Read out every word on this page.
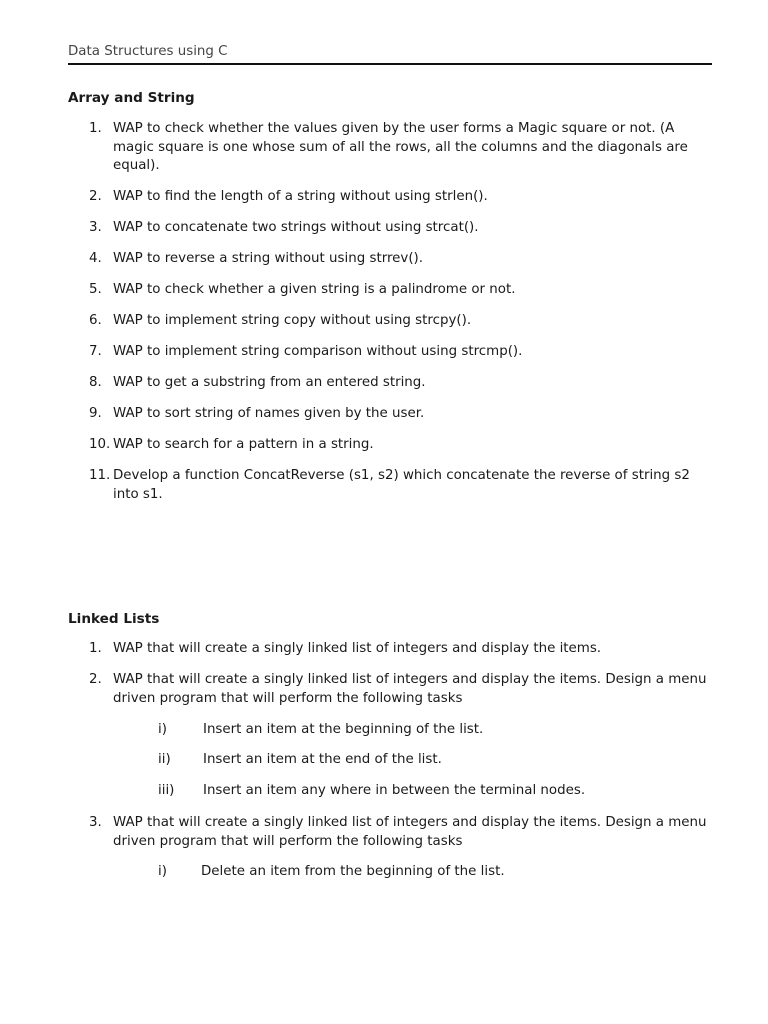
Data Structures using C
Array and String
1. WAP to check whether the values given by the user forms a Magic square or not. (A magic square is one whose sum of all the rows, all the columns and the diagonals are equal).
2. WAP to find the length of a string without using strlen().
3. WAP to concatenate two strings without using strcat().
4. WAP to reverse a string without using strrev().
5. WAP to check whether a given string is a palindrome or not.
6. WAP to implement string copy without using strcpy().
7. WAP to implement string comparison without using strcmp().
8. WAP to get a substring from an entered string.
9. WAP to sort string of names given by the user.
10. WAP to search for a pattern in a string.
11. Develop a function ConcatReverse (s1, s2) which concatenate the reverse of string s2 into s1.
Linked Lists
1. WAP that will create a singly linked list of integers and display the items.
2. WAP that will create a singly linked list of integers and display the items. Design a menu driven program that will perform the following tasks
i)	Insert an item at the beginning of the list.
ii) Insert an item at the end of the list.
iii) Insert an item any where in between the terminal nodes.
3. WAP that will create a singly linked list of integers and display the items. Design a menu driven program that will perform the following tasks
i)	Delete an item from the beginning of the list.
